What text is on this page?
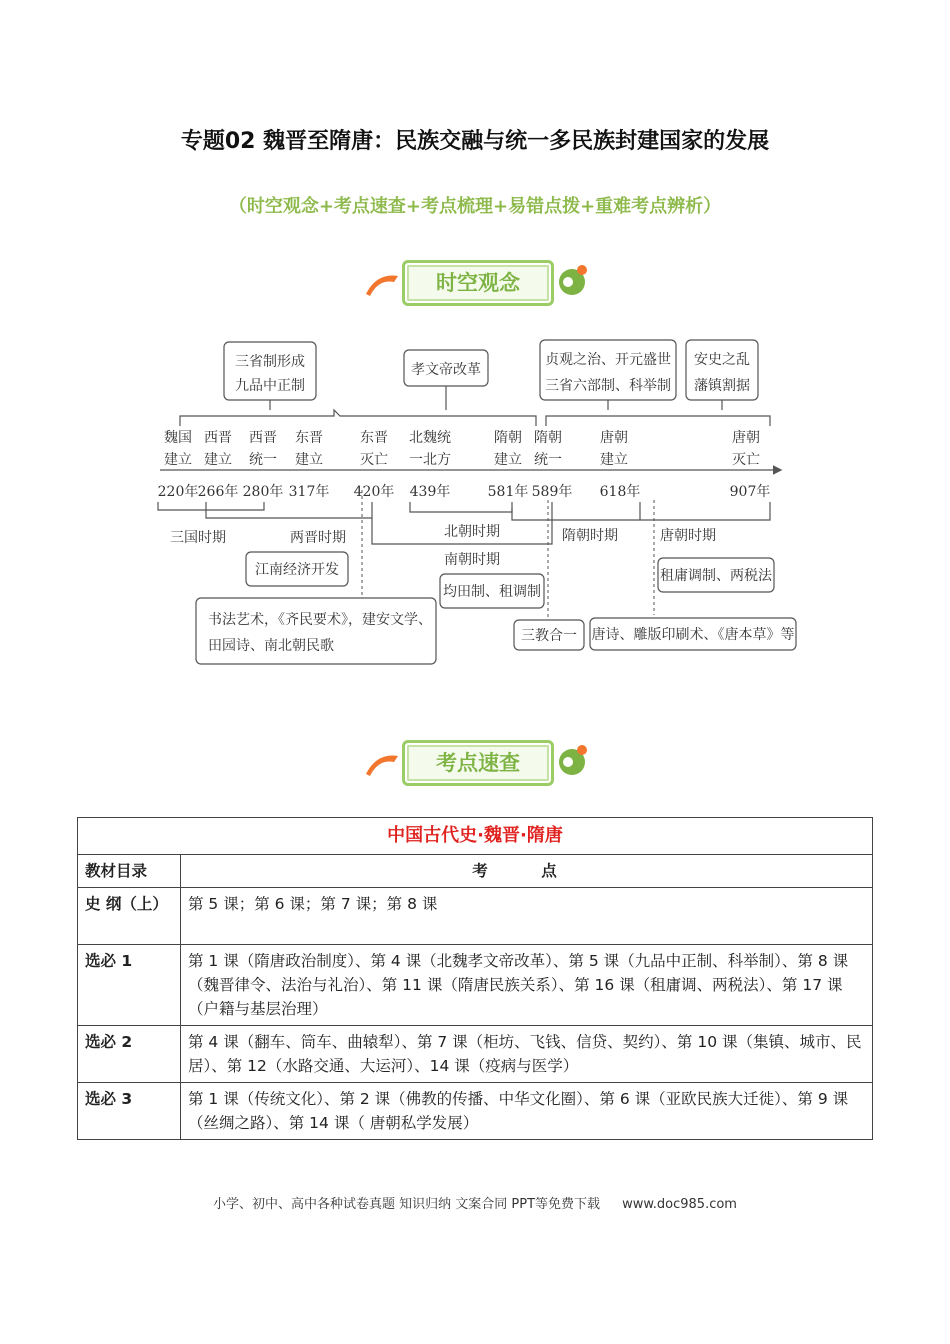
专题02 魏晋至隋唐：民族交融与统一多民族封建国家的发展
（时空观念+考点速查+考点梳理+易错点拨+重难考点辨析）
时空观念
三省制形成
九品中正制
孝文帝改革
贞观之治、开元盛世
三省六部制、科举制
安史之乱
藩镇割据
魏国
建立
220年
西晋
建立
266年
西晋
统一
280年
东晋
建立
317年
东晋
灭亡
420年
北魏统
一北方
439年
隋朝
建立
581年
隋朝
统一
589年
唐朝
建立
618年
唐朝
灭亡
907年
三国时期	两晋时期	北朝时期
南朝时期
隋朝时期	唐朝时期
江南经济开发
书法艺术，《齐民要术》，建安文学、
田园诗、南北朝民歌
均田制、租调制
三教合一
租庸调制、两税法
唐诗、雕版印刷术、《唐本草》等
考点速查
中国古代史·魏晋·隋唐	
教材目录	考 点
史 纲（上）	第 5 课；第 6 课；第 7 课；第 8 课
选必 1	第 1 课（隋唐政治制度）、第 4 课（北魏孝文帝改革）、第 5 课（九品中正制、科举制）、第 8 课（魏晋律令、法治与礼治）、第 11 课（隋唐民族关系）、第 16 课（租庸调、两税法）、第 17 课（户籍与基层治理）
选必 2	第 4 课（翻车、筒车、曲辕犁）、第 7 课（柜坊、飞钱、信贷、契约）、第 10 课（集镇、城市、民居）、第 12（水路交通、大运河）、14 课（疫病与医学）
选必 3	第 1 课（传统文化）、第 2 课（佛教的传播、中华文化圈）、第 6 课（亚欧民族大迁徙）、第 9 课（丝绸之路）、第 14 课（ 唐朝私学发展）
小学、初中、高中各种试卷真题 知识归纳 文案合同 PPT等免费下载 www.doc985.com
